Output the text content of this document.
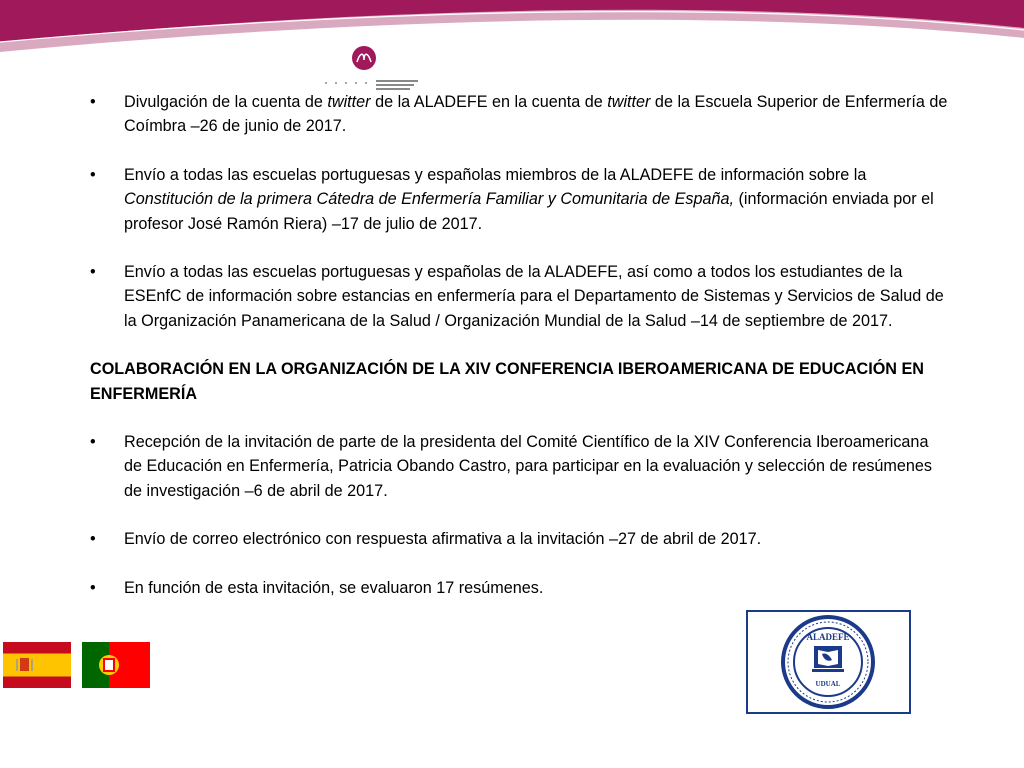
•
Divulgación de la cuenta de twitter de la ALADEFE en la cuenta de twitter de la Escuela Superior de Enfermería de Coímbra –26 de junio de 2017.
•
Envío a todas las escuelas portuguesas y españolas miembros de la ALADEFE de información sobre la Constitución de la primera Cátedra de Enfermería Familiar y Comunitaria de España, (información enviada por el profesor José Ramón Riera) –17 de julio de 2017.
•
Envío a todas las escuelas portuguesas y españolas de la ALADEFE, así como a todos los estudiantes de la ESEnfC de información sobre estancias en enfermería para el Departamento de Sistemas y Servicios de Salud de la Organización Panamericana de la Salud / Organización Mundial de la Salud –14 de septiembre de 2017.
COLABORACIÓN EN LA ORGANIZACIÓN DE LA XIV CONFERENCIA IBEROAMERICANA DE EDUCACIÓN EN ENFERMERÍA
•
Recepción de la invitación de parte de la presidenta del Comité Científico de la XIV Conferencia Iberoamericana de Educación en Enfermería, Patricia Obando Castro, para participar en la evaluación y selección de resúmenes de investigación –6 de abril de 2017.
•
Envío de correo electrónico con respuesta afirmativa a la invitación –27 de abril de 2017.
•
En función de esta invitación, se evaluaron 17 resúmenes.
ALADEFE
UDUAL
